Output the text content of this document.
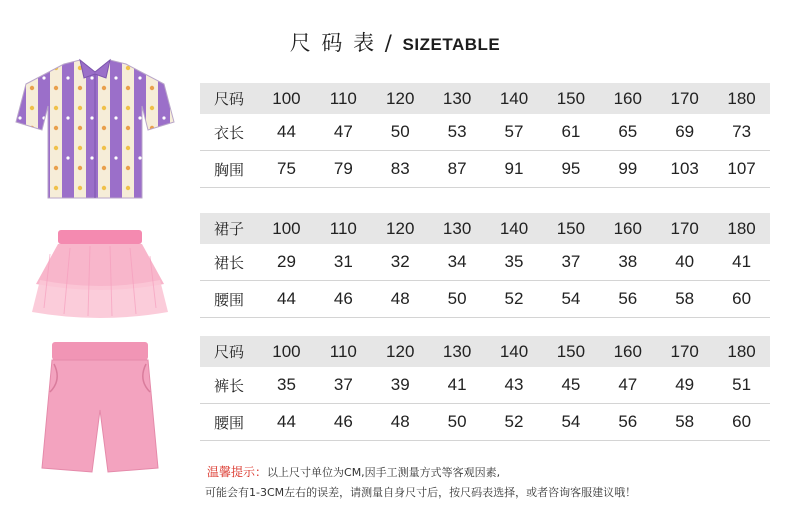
尺 码 表 / SIZETABLE
尺码	100	110	120	130	140	150	160	170	180
衣长	44	47	50	53	57	61	65	69	73
胸围	75	79	83	87	91	95	99	103	107
裙子	100	110	120	130	140	150	160	170	180
裙长	29	31	32	34	35	37	38	40	41
腰围	44	46	48	50	52	54	56	58	60
尺码	100	110	120	130	140	150	160	170	180
裤长	35	37	39	41	43	45	47	49	51
腰围	44	46	48	50	52	54	56	58	60
温馨提示：以上尺寸单位为CM,因手工测量方式等客观因素,
可能会有1-3CM左右的误差，请测量自身尺寸后，按尺码表选择，或者咨询客服建议哦！
